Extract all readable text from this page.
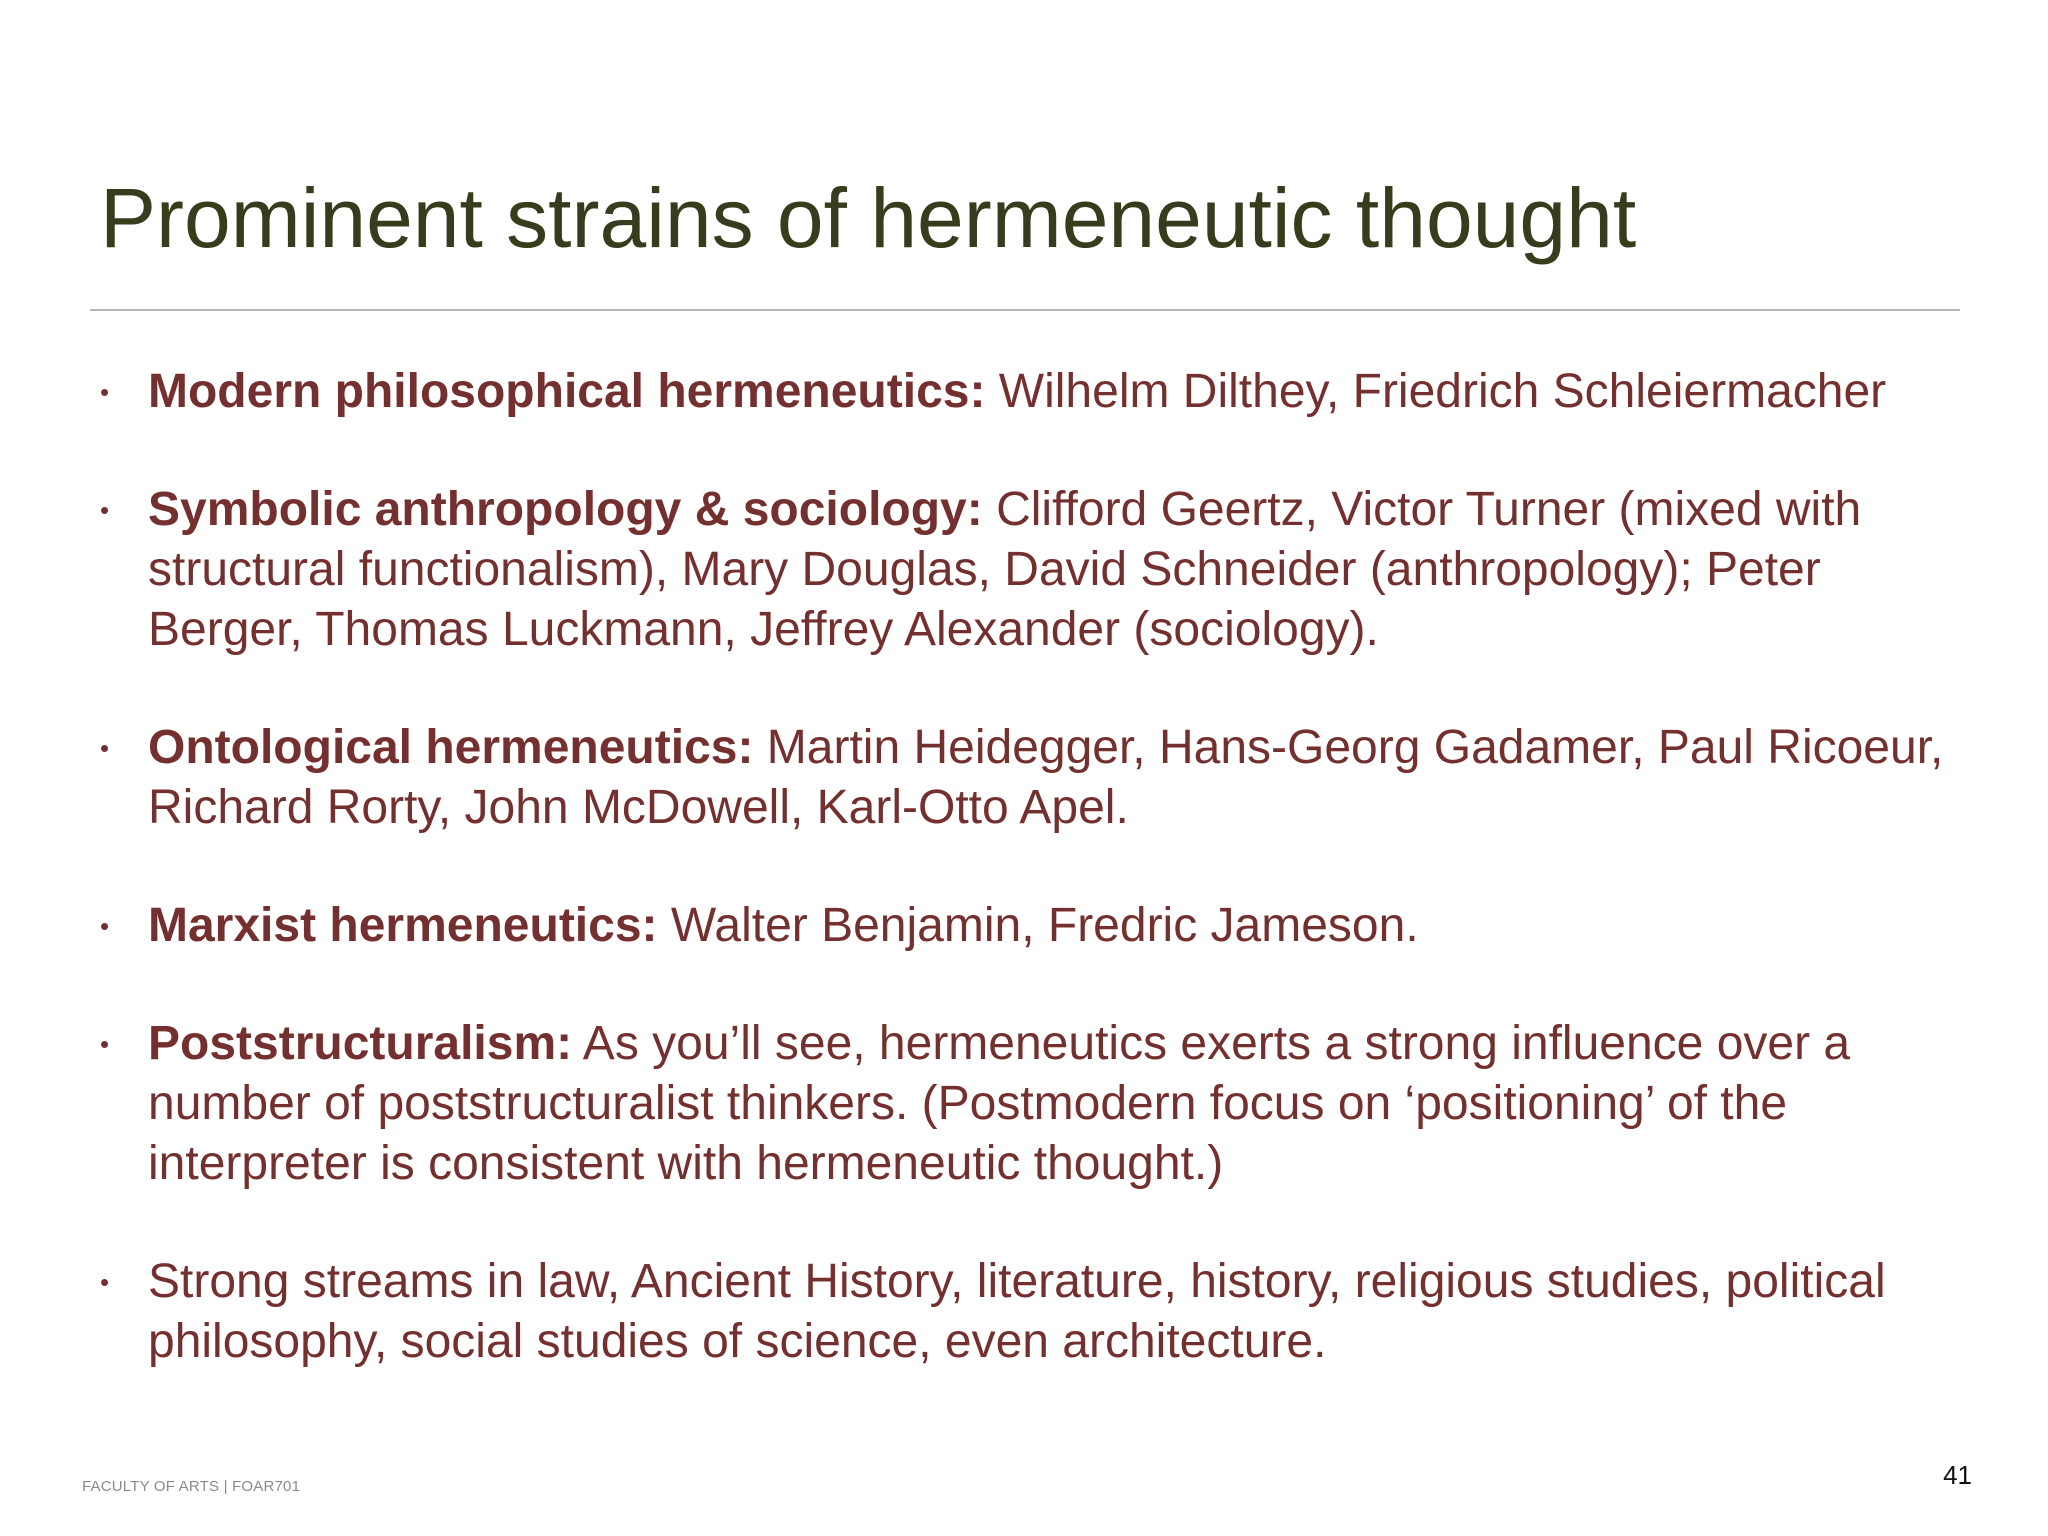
Prominent strains of hermeneutic thought
• Modern philosophical hermeneutics: Wilhelm Dilthey, Friedrich Schleiermacher
• Symbolic anthropology & sociology: Clifford Geertz, Victor Turner (mixed with structural functionalism), Mary Douglas, David Schneider (anthropology); Peter Berger, Thomas Luckmann, Jeffrey Alexander (sociology).
• Ontological hermeneutics: Martin Heidegger, Hans-Georg Gadamer, Paul Ricoeur, Richard Rorty, John McDowell, Karl-Otto Apel.
• Marxist hermeneutics: Walter Benjamin, Fredric Jameson.
• Poststructuralism: As you’ll see, hermeneutics exerts a strong influence over a number of poststructuralist thinkers. (Postmodern focus on ‘positioning’ of the interpreter is consistent with hermeneutic thought.)
• Strong streams in law, Ancient History, literature, history, religious studies, political philosophy, social studies of science, even architecture.
FACULTY OF ARTS | FOAR701	41
